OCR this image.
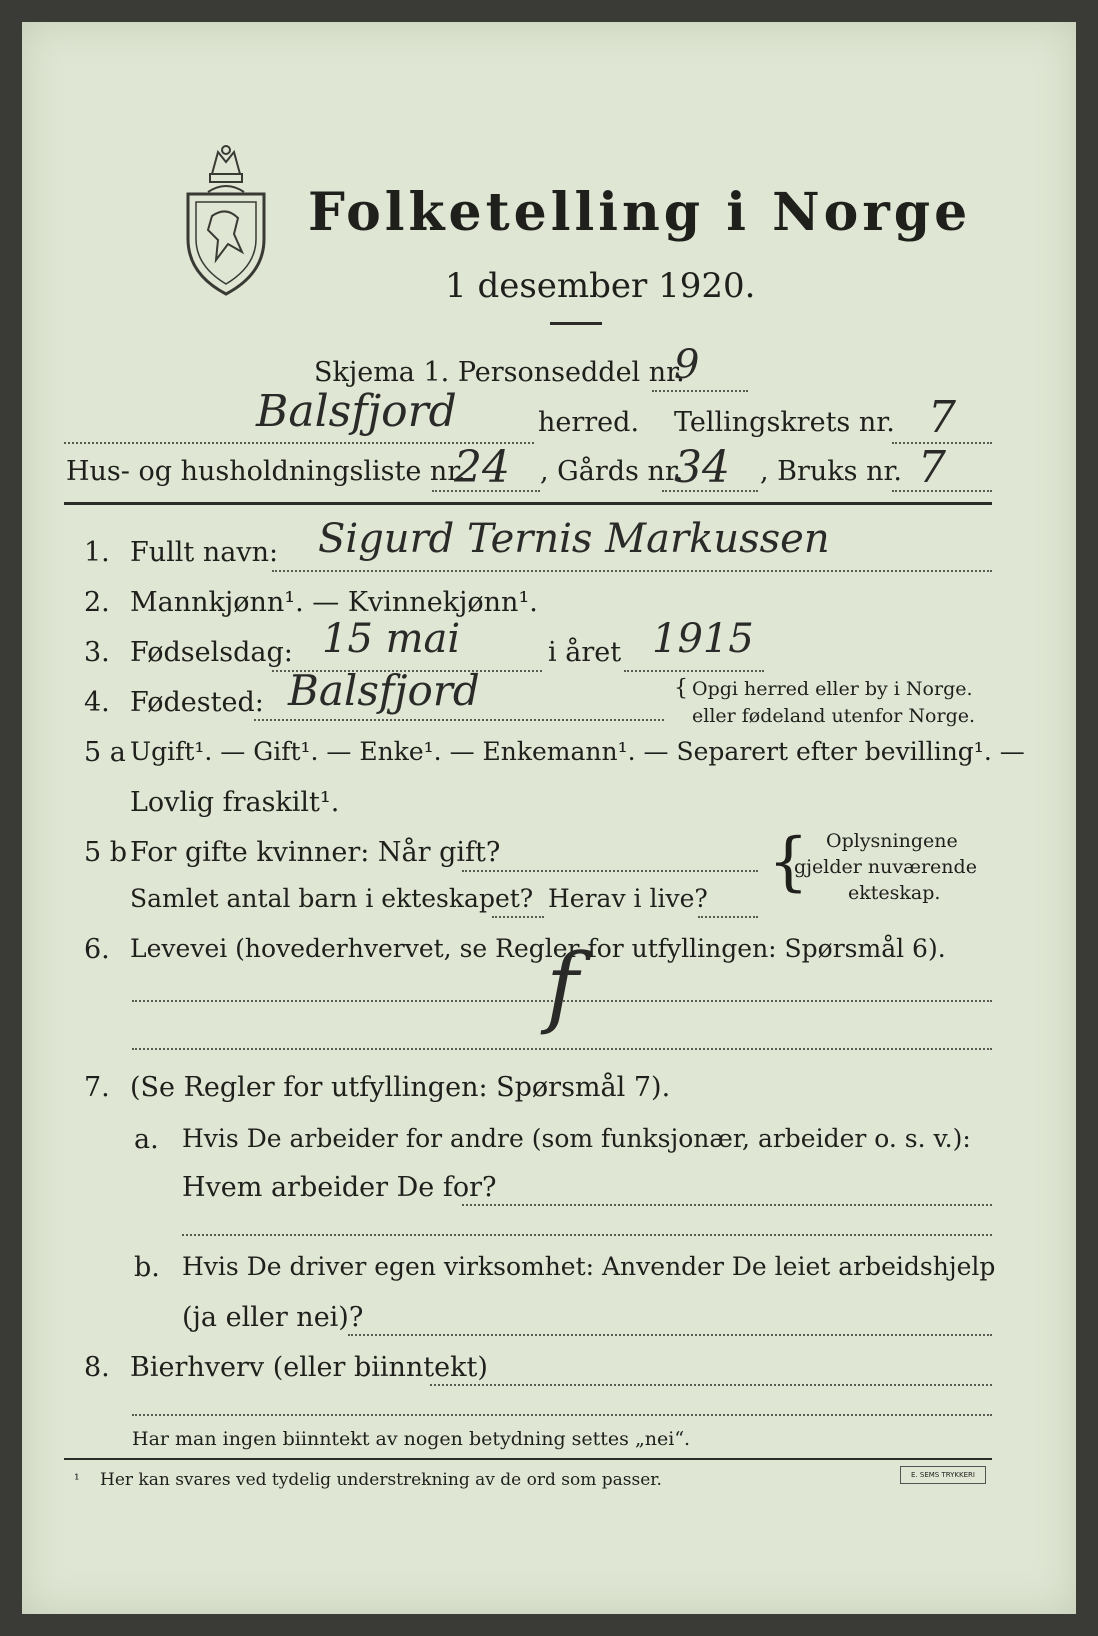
Folketelling i Norge
1 desember 1920.
Skjema 1. Personseddel nr.
9
Balsfjord	herred. Tellingskrets nr. 7
Hus- og husholdningsliste nr.
24 , Gårds nr.
34 , Bruks nr. 7
1. Fullt navn: Sigurd Ternis Markussen
2. Mannkjønn¹. — Kvinnekjønn¹.
3. Fødselsdag: 15 mai	i året 1915
4. Fødested: Balsfjord	{ Opgi herred eller by i Norge.
eller fødeland utenfor Norge.
5 a Ugift¹. — Gift¹. — Enke¹. — Enkemann¹. — Separert efter bevilling¹. —
Lovlig fraskilt¹.
5 b For gifte kvinner: Når gift?
Samlet antal barn i ekteskapet? Herav i live? { Oplysningene
gjelder nuværende
ekteskap.
6. Levevei (hovederhvervet, se Regler for utfyllingen: Spørsmål 6).
f
7. (Se Regler for utfyllingen: Spørsmål 7).
a. Hvis De arbeider for andre (som funksjonær, arbeider o. s. v.):
Hvem arbeider De for?
b. Hvis De driver egen virksomhet: Anvender De leiet arbeidshjelp
(ja eller nei)?
8. Bierhverv (eller biinntekt)
Har man ingen biinntekt av nogen betydning settes „nei“.
¹ Her kan svares ved tydelig understrekning av de ord som passer.	E. SEMS TRYKKERI
